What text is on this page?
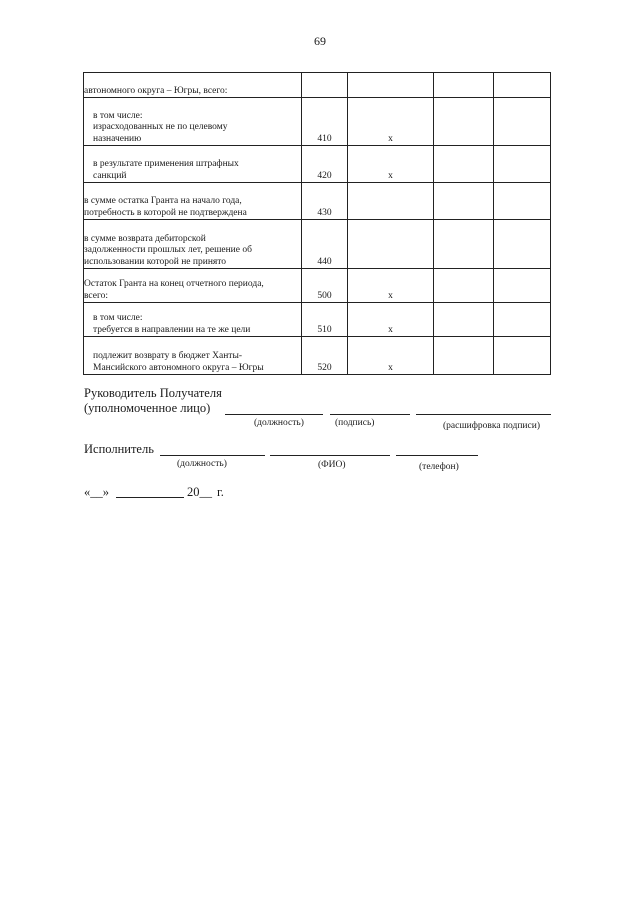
69
автономного округа – Югры, всего:				

в том числе:
израсходованных не по целевому
назначению	410	х		

в результате применения штрафных
санкций	420	х		

в сумме остатка Гранта на начало года,
потребность в которой не подтверждена	430			

в сумме возврата дебиторской
задолженности прошлых лет, решение об
использовании которой не принято	440			

Остаток Гранта на конец отчетного периода,
всего:	500	х		

в том числе:
требуется в направлении на те же цели	510	х		

подлежит возврату в бюджет Ханты-
Мансийского автономного округа – Югры	520	х		
Руководитель Получателя
(уполномоченное лицо)
(должность)	(подпись)	(расшифровка подписи)
Исполнитель
(должность)	(ФИО)	(телефон)
«__»	20__ г.
